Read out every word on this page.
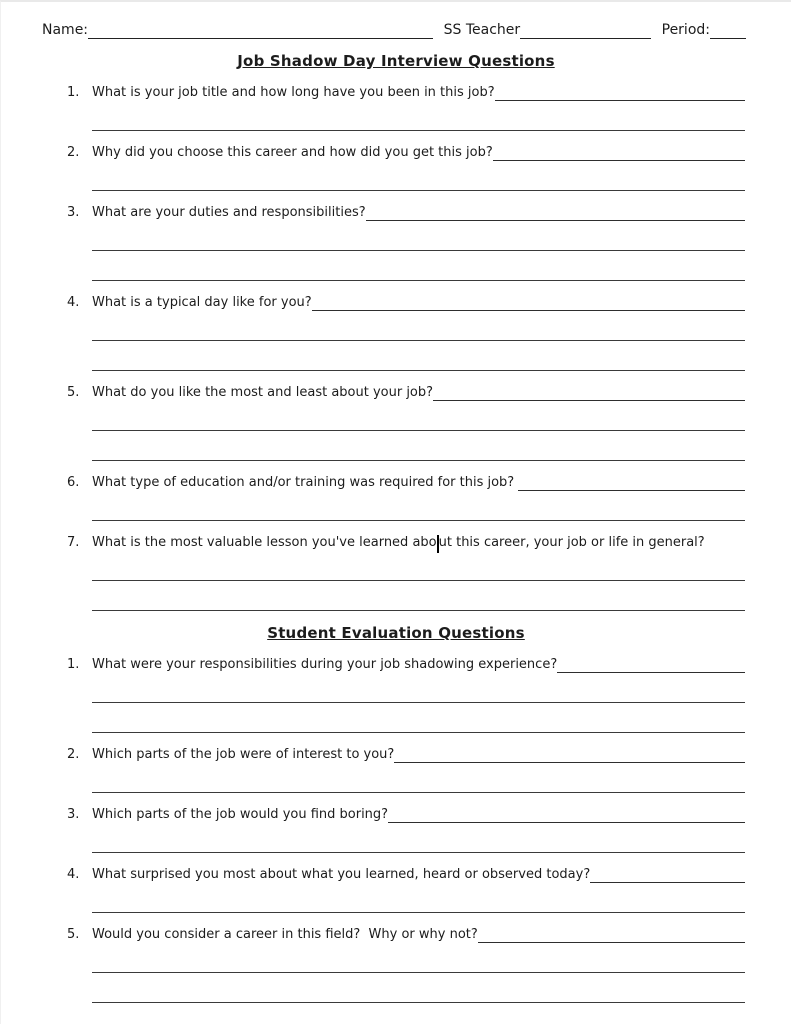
Name:	SS Teacher	Period:
Job Shadow Day Interview Questions
1. What is your job title and how long have you been in this job?
2. Why did you choose this career and how did you get this job?
3. What are your duties and responsibilities?
4. What is a typical day like for you?
5. What do you like the most and least about your job?
6. What type of education and/or training was required for this job?
7. What is the most valuable lesson you've learned abo ut this career, your job or life in general?
Student Evaluation Questions
1. What were your responsibilities during your job shadowing experience?
2. Which parts of the job were of interest to you?
3. Which parts of the job would you find boring?
4. What surprised you most about what you learned, heard or observed today?
5. Would you consider a career in this field?  Why or why not?
